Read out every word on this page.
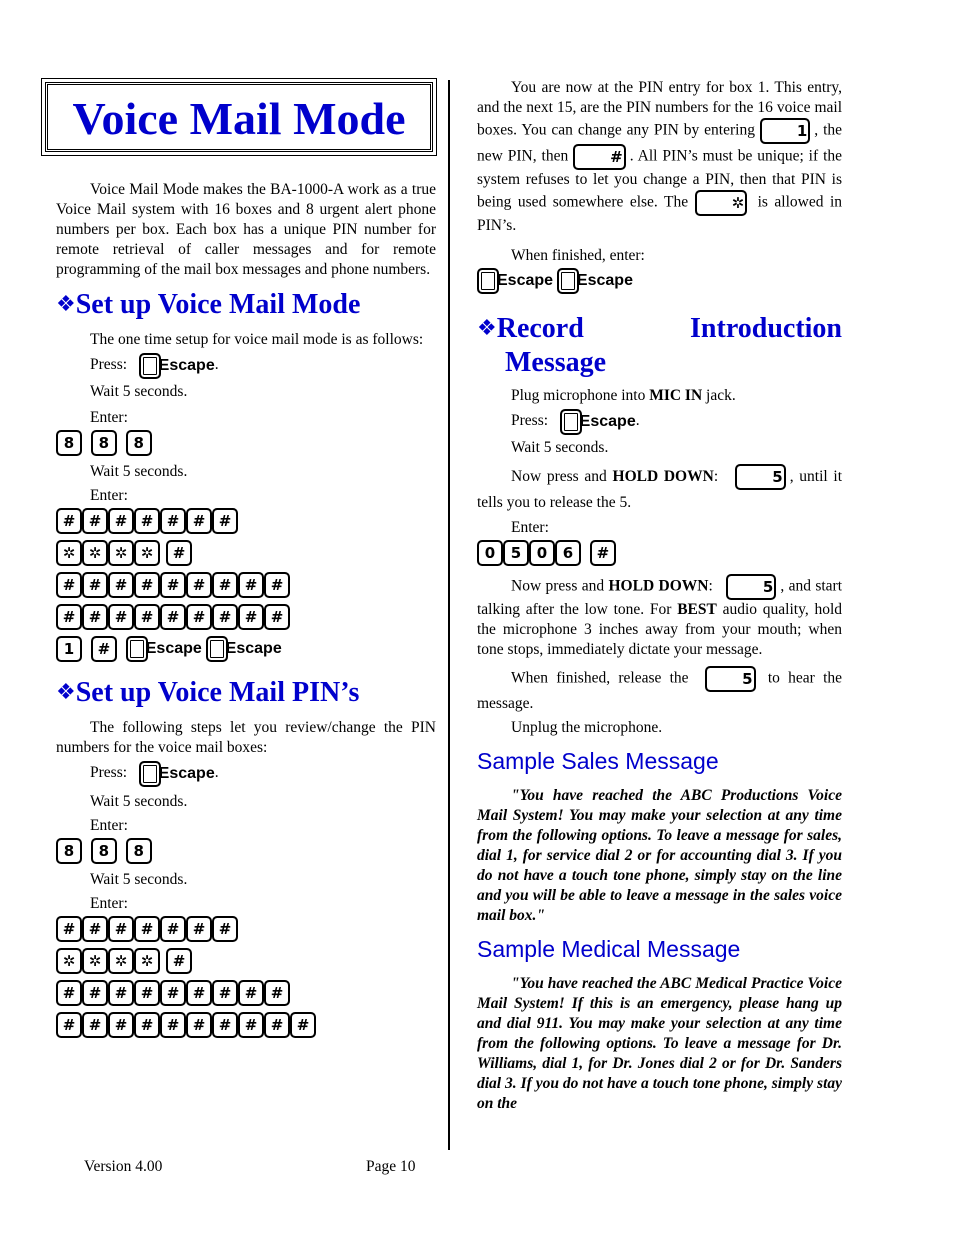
Voice Mail Mode

Voice Mail Mode makes the BA-1000-A work as a true Voice Mail system with 16 boxes and 8 urgent alert phone numbers per box. Each box has a unique PIN number for remote retrieval of caller messages and for remote programming of the mail box messages and phone numbers.

❖Set up Voice Mail Mode

The one time setup for voice mail mode is as follows:

Press: Escape.

Wait 5 seconds.

Enter:

8 8 8

Wait 5 seconds.

Enter:

# # # # # # #
✲ ✲ ✲ ✲ #
# # # # # # # # #
# # # # # # # # #
1 # Escape Escape
❖Set up Voice Mail PIN’s

The following steps let you review/change the PIN numbers for the voice mail boxes:

Press: Escape.

Wait 5 seconds.

Enter:

8 8 8

Wait 5 seconds.

Enter:

# # # # # # #
✲ ✲ ✲ ✲ #
# # # # # # # # #
# # # # # # # # # #

You are now at the PIN entry for box 1. This entry, and the next 15, are the PIN numbers for the 16 voice mail boxes. You can change any PIN by entering	1 , the new PIN, then	# . All PIN’s must be unique; if the system refuses to let you change a PIN, then that PIN is being used somewhere else. The	✲ is allowed in PIN’s.

When finished, enter:

Escape Escape
❖Record	Introduction
Message

Plug microphone into MIC IN jack.

Press: Escape.

Wait 5 seconds.

Now press and HOLD DOWN:   5 , until it tells you to release the 5.

Enter:

0 5 0 6 #

Now press and HOLD DOWN:   5 , and start talking after the low tone. For BEST audio quality, hold the microphone 3 inches away from your mouth; when tone stops, immediately dictate your message.

When finished, release the	5 to hear the message.

Unplug the microphone.

Sample Sales Message

"You have reached the ABC Productions Voice Mail System! You may make your selection at any time from the following options. To leave a message for sales, dial 1, for service dial 2 or for accounting dial 3. If you do not have a touch tone phone, simply stay on the line and you will be able to leave a message in the sales voice mail box."

Sample Medical Message

"You have reached the ABC Medical Practice Voice Mail System! If this is an emergency, please hang up and dial 911. You may make your selection at any time from the following options. To leave a message for Dr. Williams, dial 1, for Dr. Jones dial 2 or for Dr. Sanders dial 3. If you do not have a touch tone phone, simply stay on the

Version 4.00	Page 10
